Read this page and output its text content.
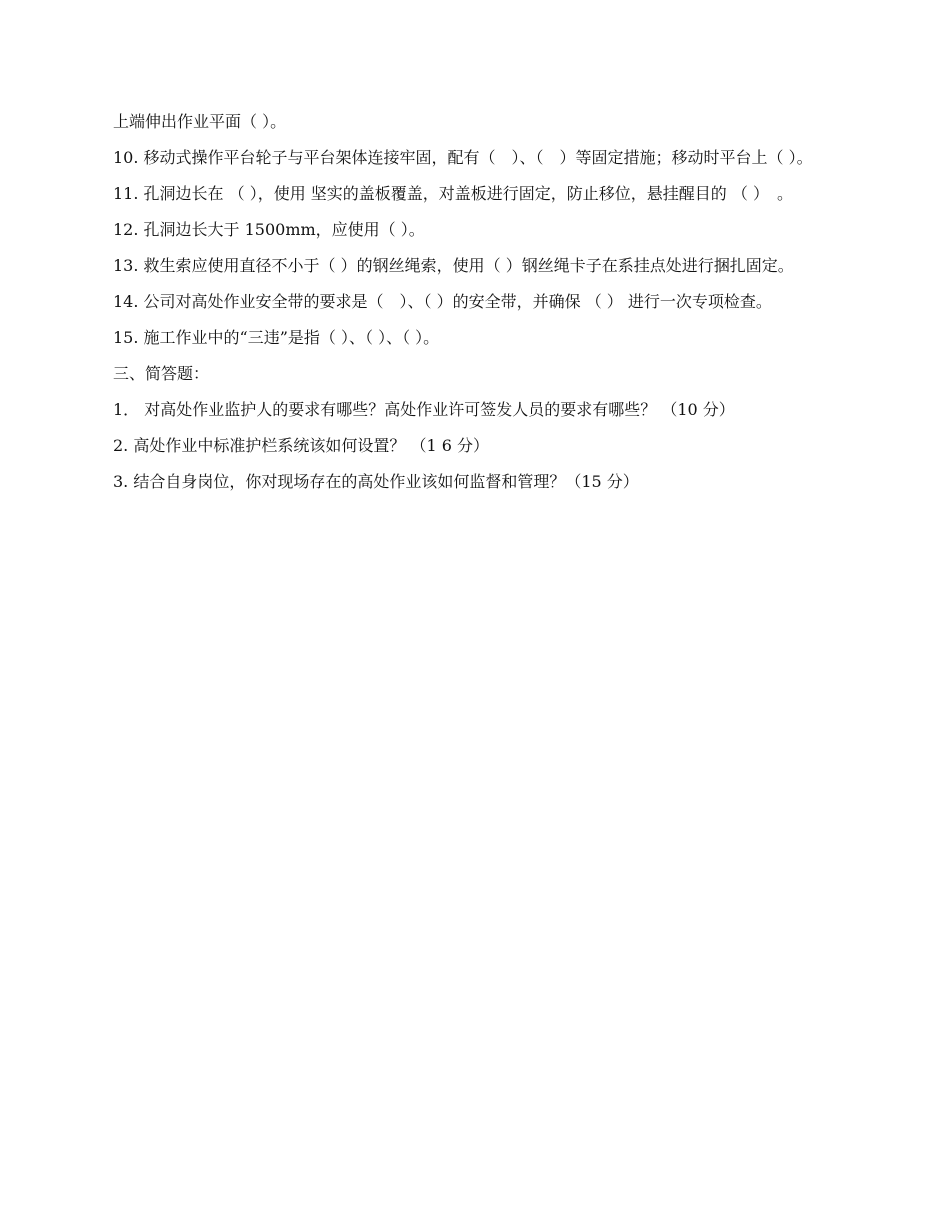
上端伸出作业平面（ ）。

10. 移动式操作平台轮子与平台架体连接牢固，配有（　）、（　）等固定措施；移动时平台上（ ）。

11. 孔洞边长在 （ ），使用 坚实的盖板覆盖，对盖板进行固定，防止移位，悬挂醒目的 （ ）　。

12. 孔洞边长大于 1500mm，应使用（ ）。

13. 救生索应使用直径不小于（ ）的钢丝绳索，使用（ ）钢丝绳卡子在系挂点处进行捆扎固定。

14. 公司对高处作业安全带的要求是（　）、（ ）的安全带，并确保 （ ） 进行一次专项检查。

15. 施工作业中的“三违”是指（ ）、（ ）、（ ）。

三、简答题：

1． 对高处作业监护人的要求有哪些？高处作业许可签发人员的要求有哪些？ （10 分）

2. 高处作业中标准护栏系统该如何设置？ （1 6 分）

3. 结合自身岗位，你对现场存在的高处作业该如何监督和管理？（15 分）
